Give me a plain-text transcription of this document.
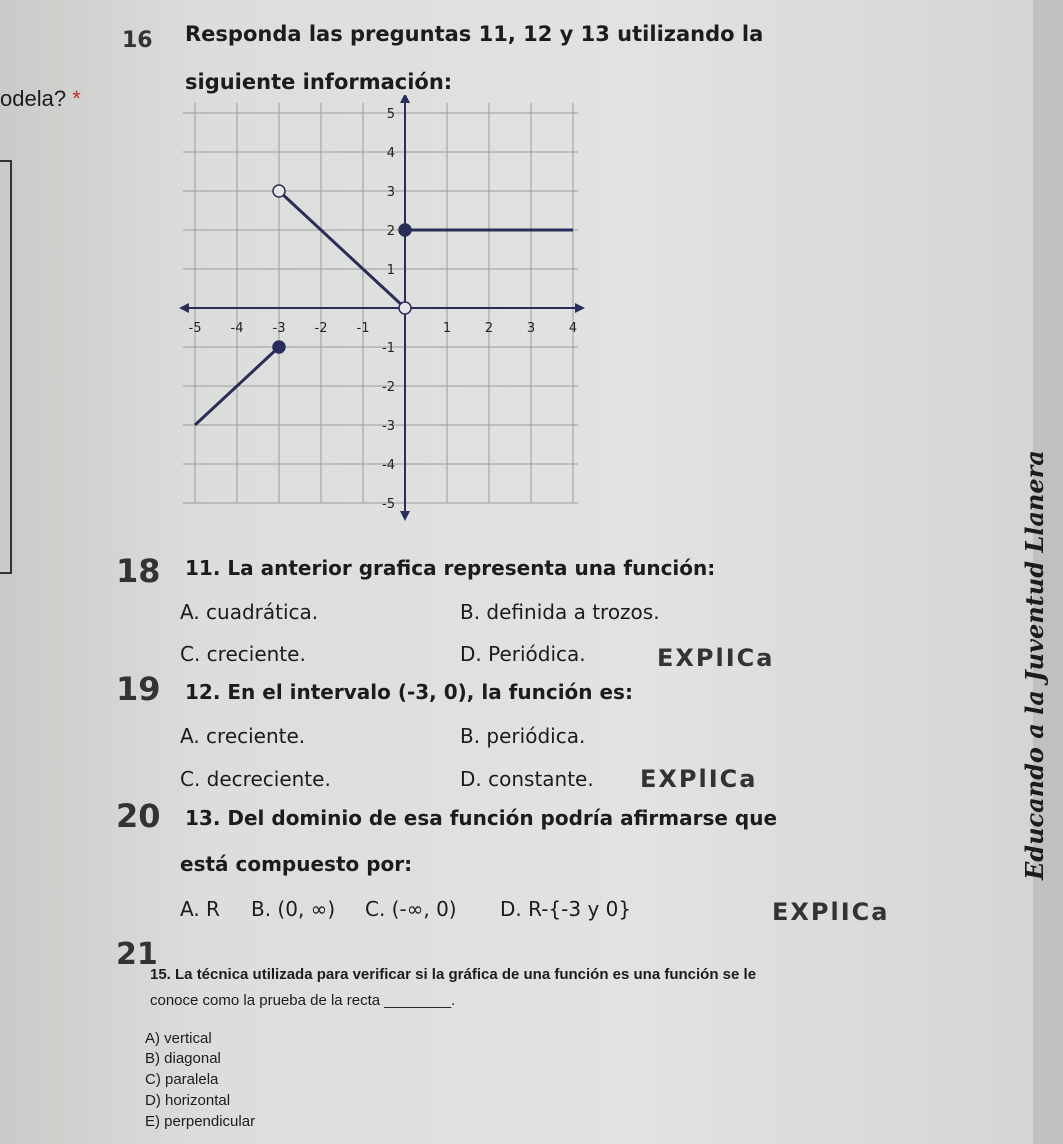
16
odela? *
Responda las preguntas 11, 12 y 13 utilizando la
siguiente información:
-5 -4 -3 -2 -1	1	2	3	4
5
4
3
2
1
-1
-2
-3
-4
-5
18
19
20
21
11. La anterior grafica representa una función:
A. cuadrática.	B. definida a trozos.
C. creciente.	D. Periódica.	EXPlICa
12. En el intervalo (-3, 0), la función es:
A. creciente.	B. periódica.
C. decreciente.	D. constante. EXPlICa
13. Del dominio de esa función podría afirmarse que
está compuesto por:
A. R B. (0, ∞) C. (-∞, 0) D. R-{-3 y 0}	EXPlICa
15. La técnica utilizada para verificar si la gráfica de una función es una función se le
conoce como la prueba de la recta ________.
A) vertical
B) diagonal
C) paralela
D) horizontal
E) perpendicular
Educando a la Juventud Llanera
